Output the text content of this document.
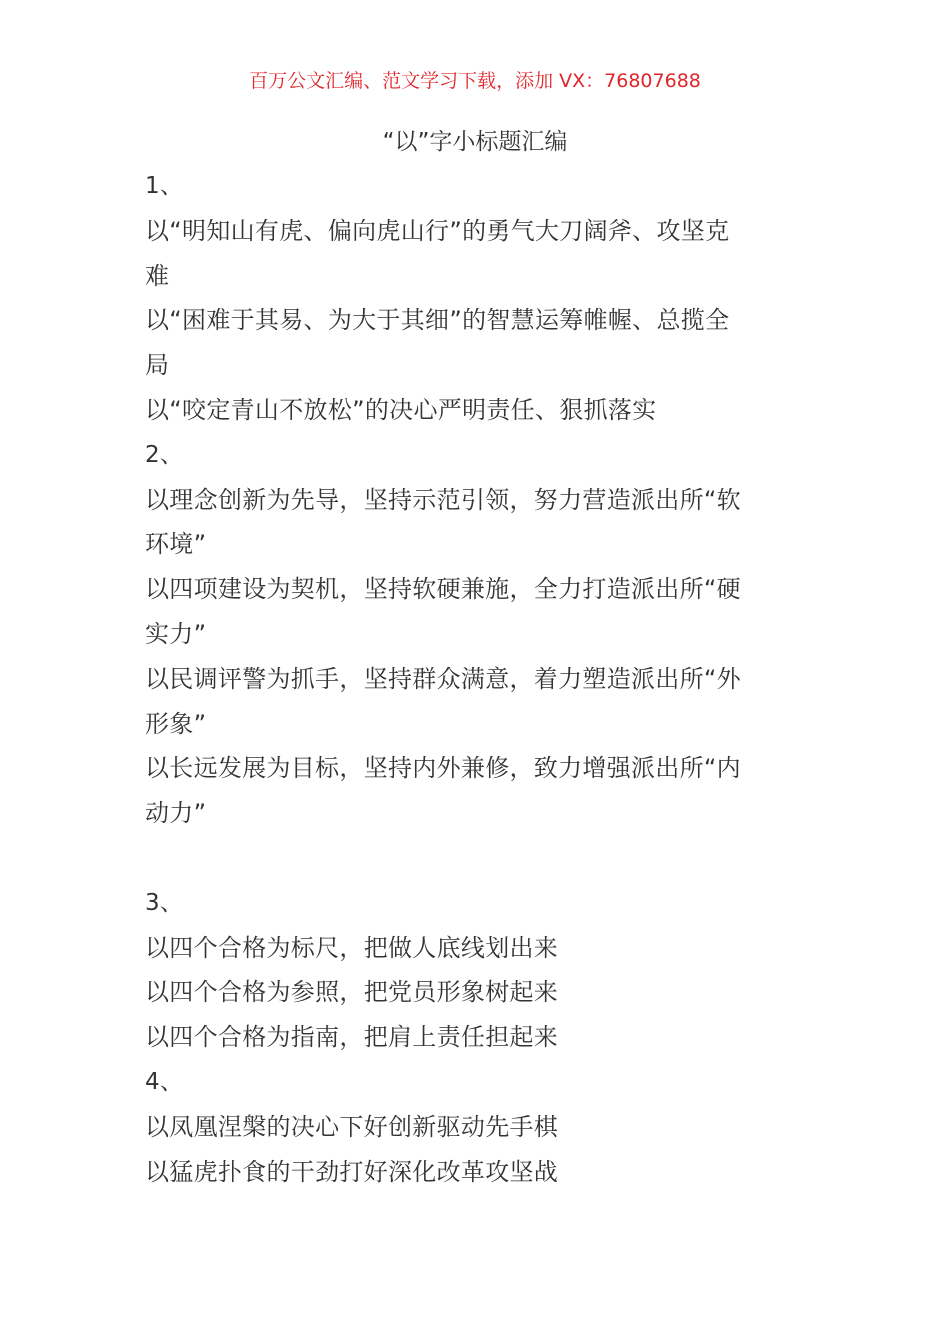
百万公文汇编、范文学习下载，添加 VX：76807688
“以”字小标题汇编
1、
以“明知山有虎、偏向虎山行”的勇气大刀阔斧、攻坚克
难
以“困难于其易、为大于其细”的智慧运筹帷幄、总揽全
局
以“咬定青山不放松”的决心严明责任、狠抓落实
2、
以理念创新为先导，坚持示范引领，努力营造派出所“软
环境”
以四项建设为契机，坚持软硬兼施，全力打造派出所“硬
实力”
以民调评警为抓手，坚持群众满意，着力塑造派出所“外
形象”
以长远发展为目标，坚持内外兼修，致力增强派出所“内
动力”
3、
以四个合格为标尺，把做人底线划出来
以四个合格为参照，把党员形象树起来
以四个合格为指南，把肩上责任担起来
4、
以凤凰涅槃的决心下好创新驱动先手棋
以猛虎扑食的干劲打好深化改革攻坚战
